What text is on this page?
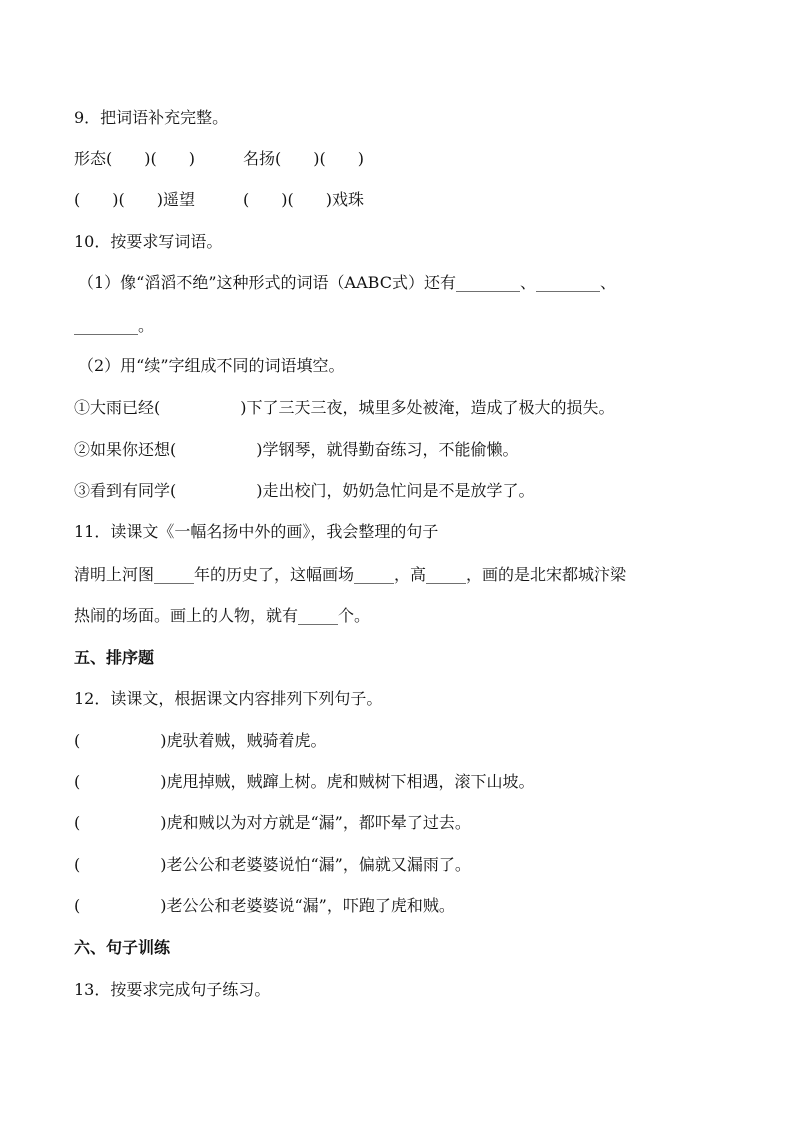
9．把词语补充完整。
形态(　　)(　　)　　　名扬(　　)(　　)
(　　)(　　)遥望　　　(　　)(　　)戏珠
10．按要求写词语。
（1）像“滔滔不绝”这种形式的词语（AABC式）还有________、________、
________。
（2）用“续”字组成不同的词语填空。
①大雨已经(　　　　　)下了三天三夜，城里多处被淹，造成了极大的损失。
②如果你还想(　　　　　)学钢琴，就得勤奋练习，不能偷懒。
③看到有同学(　　　　　)走出校门，奶奶急忙问是不是放学了。
11．读课文《一幅名扬中外的画》，我会整理的句子
清明上河图_____年的历史了，这幅画场_____，高_____，画的是北宋都城汴梁
热闹的场面。画上的人物，就有_____个。
五、排序题
12．读课文，根据课文内容排列下列句子。
(　　　　　)虎驮着贼，贼骑着虎。
(　　　　　)虎甩掉贼，贼蹿上树。虎和贼树下相遇，滚下山坡。
(　　　　　)虎和贼以为对方就是“漏”，都吓晕了过去。
(　　　　　)老公公和老婆婆说怕“漏”，偏就又漏雨了。
(　　　　　)老公公和老婆婆说“漏”，吓跑了虎和贼。
六、句子训练
13．按要求完成句子练习。
